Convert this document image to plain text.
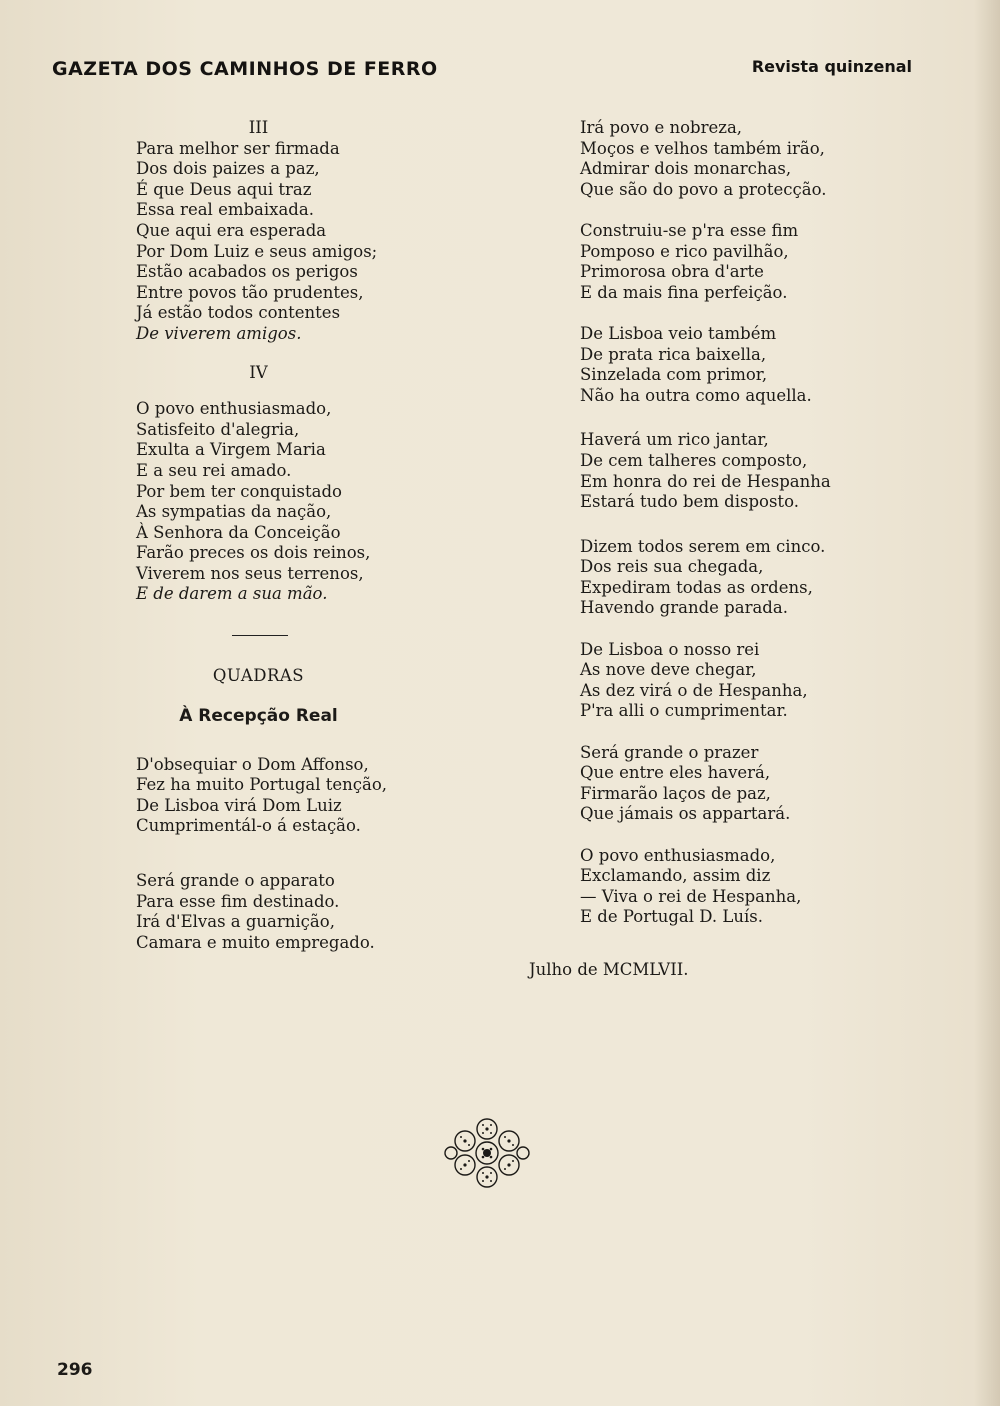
GAZETA DOS CAMINHOS DE FERRO	Revista quinzenal
III
Para melhor ser firmada
Dos dois paizes a paz,
É que Deus aqui traz
Essa real embaixada.
Que aqui era esperada
Por Dom Luiz e seus amigos;
Estão acabados os perigos
Entre povos tão prudentes,
Já estão todos contentes
De viverem amigos.
IV
O povo enthusiasmado,
Satisfeito d'alegria,
Exulta a Virgem Maria
E a seu rei amado.
Por bem ter conquistado
As sympatias da nação,
À Senhora da Conceição
Farão preces os dois reinos,
Viverem nos seus terrenos,
E de darem a sua mão.
QUADRAS
À Recepção Real
D'obsequiar o Dom Affonso,
Fez ha muito Portugal tenção,
De Lisboa virá Dom Luiz
Cumprimentál-o á estação.
Será grande o apparato
Para esse fim destinado.
Irá d'Elvas a guarnição,
Camara e muito empregado.
Irá povo e nobreza,
Moços e velhos também irão,
Admirar dois monarchas,
Que são do povo a protecção.
Construiu-se p'ra esse fim
Pomposo e rico pavilhão,
Primorosa obra d'arte
E da mais fina perfeição.
De Lisboa veio também
De prata rica baixella,
Sinzelada com primor,
Não ha outra como aquella.
Haverá um rico jantar,
De cem talheres composto,
Em honra do rei de Hespanha
Estará tudo bem disposto.
Dizem todos serem em cinco.
Dos reis sua chegada,
Expediram todas as ordens,
Havendo grande parada.
De Lisboa o nosso rei
As nove deve chegar,
As dez virá o de Hespanha,
P'ra alli o cumprimentar.
Será grande o prazer
Que entre eles haverá,
Firmarão laços de paz,
Que jámais os appartará.
O povo enthusiasmado,
Exclamando, assim diz
— Viva o rei de Hespanha,
E de Portugal D. Luís.
Julho de MCMLVII.
296
